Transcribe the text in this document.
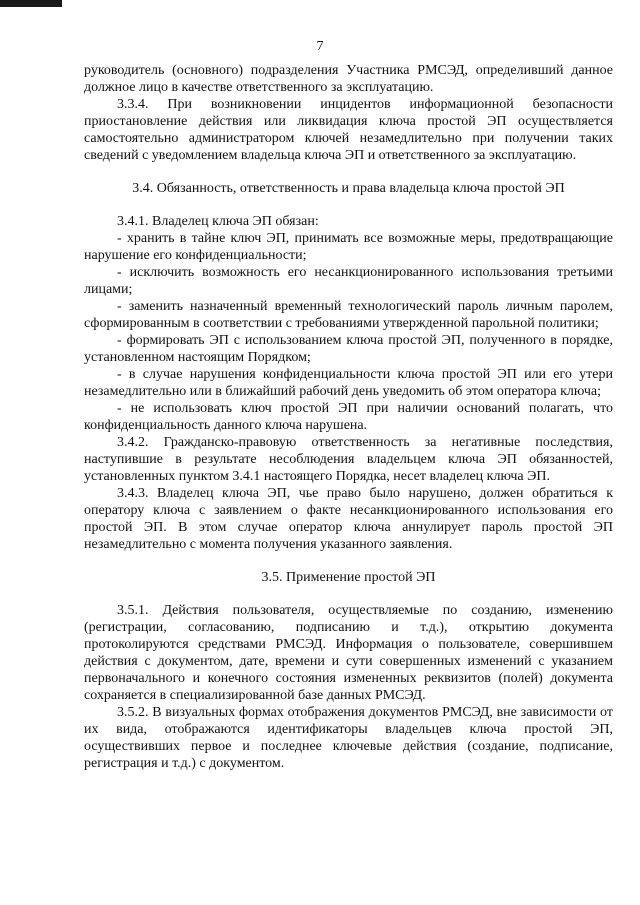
7

руководитель (основного) подразделения Участника РМСЭД, определивший данное должное лицо в качестве ответственного за эксплуатацию.

3.3.4. При возникновении инцидентов информационной безопасности приостановление действия или ликвидация ключа простой ЭП осуществляется самостоятельно администратором ключей незамедлительно при получении таких сведений с уведомлением владельца ключа ЭП и ответственного за эксплуатацию.

3.4. Обязанность, ответственность и права владельца ключа простой ЭП

3.4.1. Владелец ключа ЭП обязан:

- хранить в тайне ключ ЭП, принимать все возможные меры, предотвращающие нарушение его конфиденциальности;

- исключить возможность его несанкционированного использования третьими лицами;

- заменить назначенный временный технологический пароль личным паролем, сформированным в соответствии с требованиями утвержденной парольной политики;

- формировать ЭП с использованием ключа простой ЭП, полученного в порядке, установленном настоящим Порядком;

- в случае нарушения конфиденциальности ключа простой ЭП или его утери незамедлительно или в ближайший рабочий день уведомить об этом оператора ключа;

- не использовать ключ простой ЭП при наличии оснований полагать, что конфиденциальность данного ключа нарушена.

3.4.2. Гражданско-правовую ответственность за негативные последствия, наступившие в результате несоблюдения владельцем ключа ЭП обязанностей, установленных пунктом 3.4.1 настоящего Порядка, несет владелец ключа ЭП.

3.4.3. Владелец ключа ЭП, чье право было нарушено, должен обратиться к оператору ключа с заявлением о факте несанкционированного использования его простой ЭП. В этом случае оператор ключа аннулирует пароль простой ЭП незамедлительно с момента получения указанного заявления.

3.5. Применение простой ЭП

3.5.1. Действия пользователя, осуществляемые по созданию, изменению (регистрации, согласованию, подписанию и т.д.), открытию документа протоколируются средствами РМСЭД. Информация о пользователе, совершившем действия с документом, дате, времени и сути совершенных изменений с указанием первоначального и конечного состояния измененных реквизитов (полей) документа сохраняется в специализированной базе данных РМСЭД.

3.5.2. В визуальных формах отображения документов РМСЭД, вне зависимости от их вида, отображаются идентификаторы владельцев ключа простой ЭП, осуществивших первое и последнее ключевые действия (создание, подписание, регистрация и т.д.) с документом.
